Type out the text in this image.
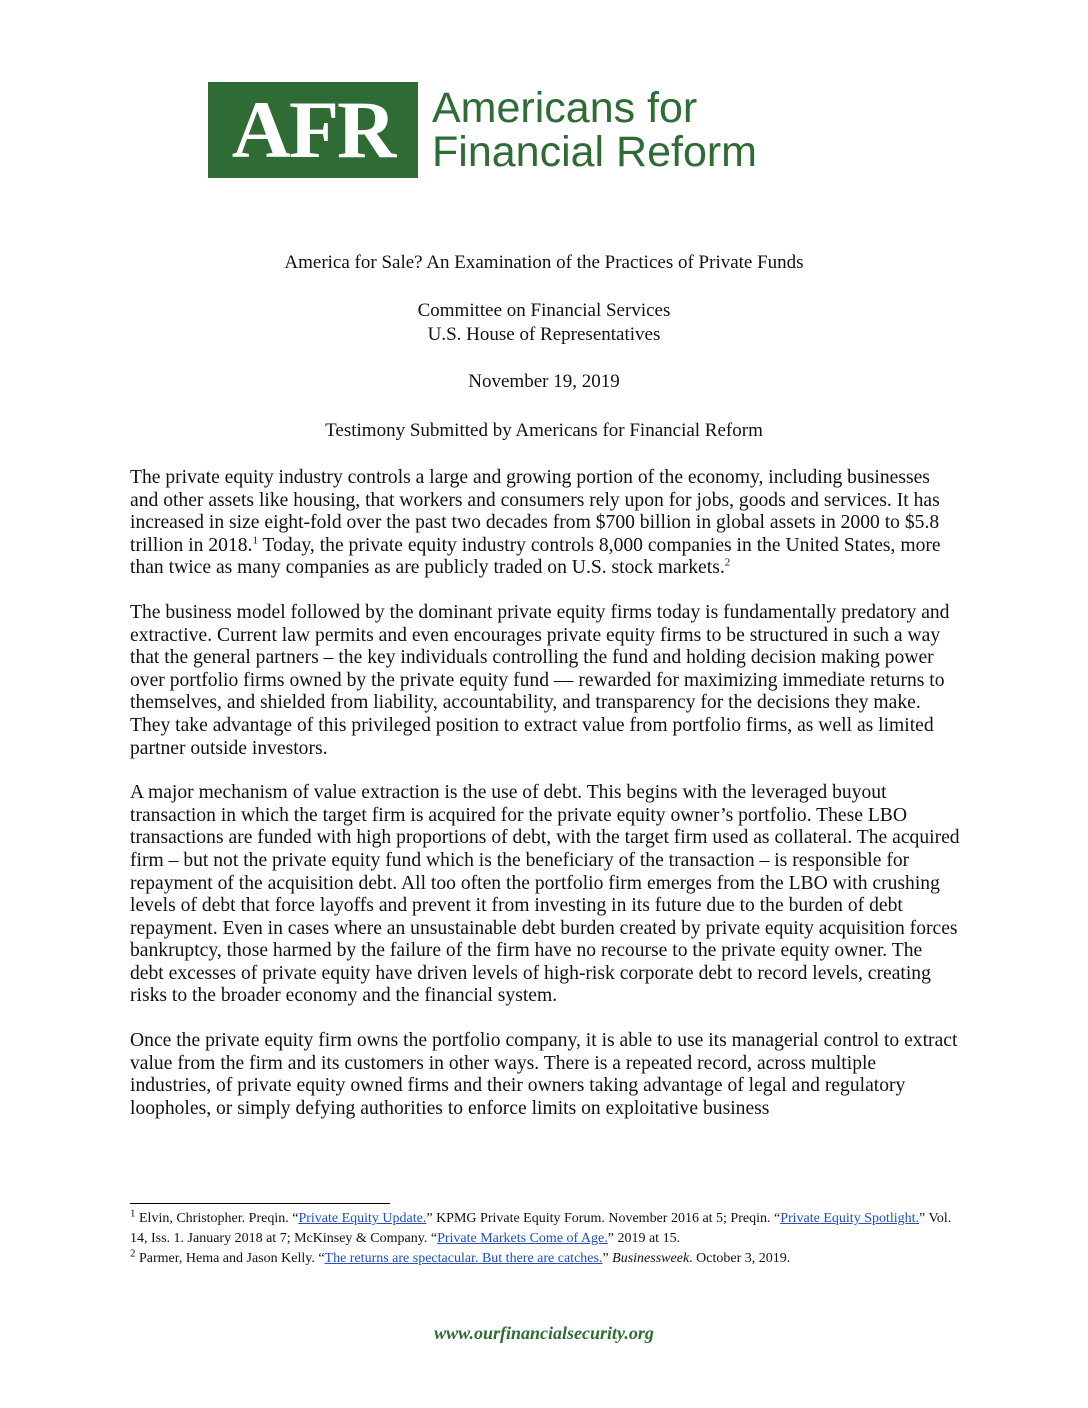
AFR Americans for
Financial Reform
America for Sale? An Examination of the Practices of Private Funds
Committee on Financial Services
U.S. House of Representatives
November 19, 2019
Testimony Submitted by Americans for Financial Reform

The private equity industry controls a large and growing portion of the economy, including businesses and other assets like housing, that workers and consumers rely upon for jobs, goods and services. It has increased in size eight-fold over the past two decades from $700 billion in global assets in 2000 to $5.8 trillion in 2018.$^1$ Today, the private equity industry controls 8,000 companies in the United States, more than twice as many companies as are publicly traded on U.S. stock markets.$^2$

The business model followed by the dominant private equity firms today is fundamentally predatory and extractive. Current law permits and even encourages private equity firms to be structured in such a way that the general partners – the key individuals controlling the fund and holding decision making power over portfolio firms owned by the private equity fund — rewarded for maximizing immediate returns to themselves, and shielded from liability, accountability, and transparency for the decisions they make. They take advantage of this privileged position to extract value from portfolio firms, as well as limited partner outside investors.

A major mechanism of value extraction is the use of debt. This begins with the leveraged buyout transaction in which the target firm is acquired for the private equity owner’s portfolio. These LBO transactions are funded with high proportions of debt, with the target firm used as collateral. The acquired firm – but not the private equity fund which is the beneficiary of the transaction – is responsible for repayment of the acquisition debt. All too often the portfolio firm emerges from the LBO with crushing levels of debt that force layoffs and prevent it from investing in its future due to the burden of debt repayment. Even in cases where an unsustainable debt burden created by private equity acquisition forces bankruptcy, those harmed by the failure of the firm have no recourse to the private equity owner. The debt excesses of private equity have driven levels of high-risk corporate debt to record levels, creating risks to the broader economy and the financial system.

Once the private equity firm owns the portfolio company, it is able to use its managerial control to extract value from the firm and its customers in other ways. There is a repeated record, across multiple industries, of private equity owned firms and their owners taking advantage of legal and regulatory loopholes, or simply defying authorities to enforce limits on exploitative business

$^1$ Elvin, Christopher. Preqin. “Private Equity Update.” KPMG Private Equity Forum. November 2016 at 5; Preqin. “Private Equity Spotlight.” Vol. 14, Iss. 1. January 2018 at 7; McKinsey & Company. “Private Markets Come of Age.” 2019 at 15.
$^2$ Parmer, Hema and Jason Kelly. “The returns are spectacular. But there are catches.” Businessweek. October 3, 2019.
www.ourfinancialsecurity.org
